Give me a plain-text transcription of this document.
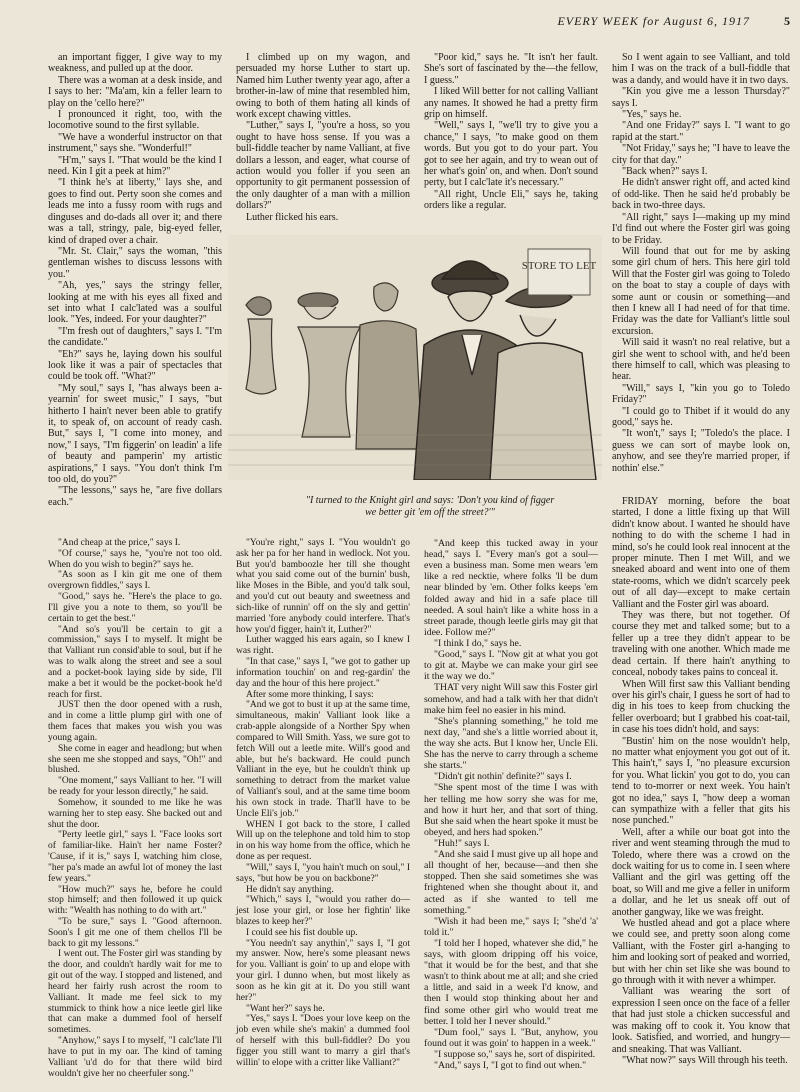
EVERY WEEK for August 6, 1917	5

an important figger, I give way to my weakness, and pulled up at the door.

There was a woman at a desk inside, and I says to her: "Ma'am, kin a feller learn to play on the 'cello here?"

I pronounced it right, too, with the locomotive sound to the first syllable.

"We have a wonderful instructor on that instrument," says she. "Wonderful!"

"H'm," says I. "That would be the kind I need. Kin I git a peek at him?"

"I think he's at liberty," lays she, and goes to find out. Perty soon she comes and leads me into a fussy room with rugs and dinguses and do-dads all over it; and there was a tall, stringy, pale, big-eyed feller, kind of draped over a chair.

"Mr. St. Clair," says the woman, "this gentleman wishes to discuss lessons with you."

"Ah, yes," says the stringy feller, looking at me with his eyes all fixed and set into what I calc'lated was a soulful look. "Yes, indeed. For your daughter?"

"I'm fresh out of daughters," says I. "I'm the candidate."

"Eh?" says he, laying down his soulful look like it was a pair of spectacles that could be took off. "What?"

"My soul," says I, "has always been a-yearnin' for sweet music," I says, "but hitherto I hain't never been able to gratify it, to speak of, on account of ready cash. But," says I, "I come into money, and now," I says, "I'm figgerin' on leadin' a life of beauty and pamperin' my artistic aspirations," I says. "You don't think I'm too old, do you?"

"The lessons," says he, "are five dollars each."

"And cheap at the price," says I.

"Of course," says he, "you're not too old. When do you wish to begin?" says he.

"As soon as I kin git me one of them overgrown fiddles," says I.

"Good," says he. "Here's the place to go. I'll give you a note to them, so you'll be certain to get the best."

"And so's you'll be certain to git a commission," says I to myself. It might be that Valliant run consid'able to soul, but if he was to walk along the street and see a soul and a pocket-book laying side by side, I'll make a bet it would be the pocket-book he'd reach for first.

JUST then the door opened with a rush, and in come a little plump girl with one of them faces that makes you wish you was young again.

She come in eager and headlong; but when she seen me she stopped and says, "Oh!" and blushed.

"One moment," says Valliant to her. "I will be ready for your lesson directly," he said.

Somehow, it sounded to me like he was warning her to step easy. She backed out and shut the door.

"Perty leetle girl," says I. "Face looks sort of familiar-like. Hain't her name Foster? 'Cause, if it is," says I, watching him close, "her pa's made an awful lot of money the last few years."

"How much?" says he, before he could stop himself; and then followed it up quick with: "Wealth has nothing to do with art."

"To be sure," says I. "Good afternoon. Soon's I git me one of them chellos I'll be back to git my lessons."

I went out. The Foster girl was standing by the door, and couldn't hardly wait for me to git out of the way. I stopped and listened, and heard her fairly rush acrost the room to Valliant. It made me feel sick to my stummick to think how a nice leetle girl like that can make a dummed fool of herself sometimes.

"Anyhow," says I to myself, "I calc'late I'll have to put in my oar. The kind of taming Valliant 'u'd do for that there wild bird wouldn't give her no cheerfuler song."

I climbed up on my wagon, and persuaded my horse Luther to start up. Named him Luther twenty year ago, after a brother-in-law of mine that resembled him, owing to both of them hating all kinds of work except chawing vittles.

"Luther," says I, "you're a hoss, so you ought to have hoss sense. If you was a bull-fiddle teacher by name Valliant, at five dollars a lesson, and eager, what course of action would you foller if you seen an opportunity to git permanent possession of the only daughter of a man with a million dollars?"

Luther flicked his ears.

"You're right," says I. "You wouldn't go ask her pa for her hand in wedlock. Not you. But you'd bamboozle her till she thought what you said come out of the burnin' bush, like Moses in the Bible, and you'd talk soul, and you'd cut out beauty and sweetness and sich-like of runnin' off on the sly and gettin' married 'fore anybody could interfere. That's how you'd figger, hain't it, Luther?"

Luther wagged his ears again, so I knew I was right.

"In that case," says I, "we got to gather up information touchin' on and reg-gardin' the day and the hour of this here project."

After some more thinking, I says:

"And we got to bust it up at the same time, simultaneous, makin' Valliant look like a crab-apple alongside of a Norther Spy when compared to Will Smith. Yass, we sure got to fetch Will out a leetle mite. Will's good and able, but he's backward. He could punch Valliant in the eye, but he couldn't think up something to detract from the market value of Valliant's soul, and at the same time boom his own stock in trade. That'll have to be Uncle Eli's job."

WHEN I got back to the store, I called Will up on the telephone and told him to stop in on his way home from the office, which he done as per request.

"Will," says I, "you hain't much on soul," I says, "but how be you on backbone?"

He didn't say anything.

"Which," says I, "would you rather do—jest lose your girl, or lose her fightin' like blazes to keep her?"

I could see his fist double up.

"You needn't say anythin'," says I, "I got my answer. Now, here's some pleasant news for you. Valliant is goin' to up and elope with your girl. I dunno when, but most likely as soon as he kin git at it. Do you still want her?"

"Want her?" says he.

"Yes," says I. "Does your love keep on the job even while she's makin' a dummed fool of herself with this bull-fiddler? Do you figger you still want to marry a girl that's willin' to elope with a critter like Valliant?"

"Poor kid," says he. "It isn't her fault. She's sort of fascinated by the—the fellow, I guess."

I liked Will better for not calling Valliant any names. It showed he had a pretty firm grip on himself.

"Well," says I, "we'll try to give you a chance," I says, "to make good on them words. But you got to do your part. You got to see her again, and try to wean out of her what's goin' on, and when. Don't sound perty, but I calc'late it's necessary."

"All right, Uncle Eli," says he, taking orders like a regular.

"And keep this tucked away in your head," says I. "Every man's got a soul—even a business man. Some men wears 'em like a red necktie, where folks 'll be dum near blinded by 'em. Other folks keeps 'em folded away and hid in a safe place till needed. A soul hain't like a white hoss in a street parade, though leetle girls may git that idee. Follow me?"

"I think I do," says he.

"Good," says I. "Now git at what you got to git at. Maybe we can make your girl see it the way we do."

THAT very night Will saw this Foster girl somehow, and had a talk with her that didn't make him feel no easier in his mind.

"She's planning something," he told me next day, "and she's a little worried about it, the way she acts. But I know her, Uncle Eli. She has the nerve to carry through a scheme she starts."

"Didn't git nothin' definite?" says I.

"She spent most of the time I was with her telling me how sorry she was for me, and how it hurt her, and that sort of thing. But she said when the heart spoke it must be obeyed, and hers had spoken."

"Huh!" says I.

"And she said I must give up all hope and all thought of her, because—and then she stopped. Then she said sometimes she was frightened when she thought about it, and acted as if she wanted to tell me something."

"Wish it had been me," says I; "she'd 'a' told it."

"I told her I hoped, whatever she did," he says, with gloom dripping off his voice, "that it would be for the best, and that she wasn't to think about me at all; and she cried a little, and said in a week I'd know, and then I would stop thinking about her and find some other girl who would treat me better. I told her I never should."

"Dum fool," says I. "But, anyhow, you found out it was goin' to happen in a week."

"I suppose so," says he, sort of dispirited.

"And," says I, "I got to find out when."

So I went again to see Valliant, and told him I was on the track of a bull-fiddle that was a dandy, and would have it in two days.

"Kin you give me a lesson Thursday?" says I.

"Yes," says he.

"And one Friday?" says I. "I want to go rapid at the start."

"Not Friday," says he; "I have to leave the city for that day."

"Back when?" says I.

He didn't answer right off, and acted kind of odd-like. Then he said he'd probably be back in two-three days.

"All right," says I—making up my mind I'd find out where the Foster girl was going to be Friday.

Will found that out for me by asking some girl chum of hers. This here girl told Will that the Foster girl was going to Toledo on the boat to stay a couple of days with some aunt or cousin or something—and then I knew all I had need of for that time. Friday was the date for Valliant's little soul excursion.

Will said it wasn't no real relative, but a girl she went to school with, and he'd been there himself to call, which was pleasing to hear.

"Will," says I, "kin you go to Toledo Friday?"

"I could go to Thibet if it would do any good," says he.

"It won't," says I; "Toledo's the place. I guess we can sort of maybe look on, anyhow, and see they're married proper, if nothin' else."

FRIDAY morning, before the boat started, I done a little fixing up that Will didn't know about. I wanted he should have nothing to do with the scheme I had in mind, so's he could look real innocent at the proper minute. Then I met Will, and we sneaked aboard and went into one of them state-rooms, which we didn't scarcely peek out of all day—except to make certain Valliant and the Foster girl was aboard.

They was there, but not together. Of course they met and talked some; but to a feller up a tree they didn't appear to be traveling with one another. Which made me dead certain. If there hain't anything to conceal, nobody takes pains to conceal it.

When Will first saw this Valliant bending over his girl's chair, I guess he sort of had to dig in his toes to keep from chucking the feller overboard; but I grabbed his coat-tail, in case his toes didn't hold, and says:

"Bustin' him on the nose wouldn't help, no matter what enjoyment you got out of it. This hain't," says I, "no pleasure excursion for you. What lickin' you got to do, you can tend to to-morrer or next week. You hain't got no idea," says I, "how deep a woman can sympathize with a feller that gits his nose punched."

Well, after a while our boat got into the river and went steaming through the mud to Toledo, where there was a crowd on the dock waiting for us to come in. I seen where Valliant and the girl was getting off the boat, so Will and me give a feller in uniform a dollar, and he let us sneak off out of another gangway, like we was freight.

We hustled ahead and got a place where we could see, and pretty soon along come Valliant, with the Foster girl a-hanging to him and looking sort of peaked and worried, but with her chin set like she was bound to go through with it with never a whimper.

Valliant was wearing the sort of expression I seen once on the face of a feller that had just stole a chicken successful and was making off to cook it. You know that look. Satisfied, and worried, and hungry—and sneaking. That was Valliant.

"What now?" says Will through his teeth.

STORE TO LET
"I turned to the Knight girl and says: 'Don't you kind of figger we better git 'em off the street?'"
